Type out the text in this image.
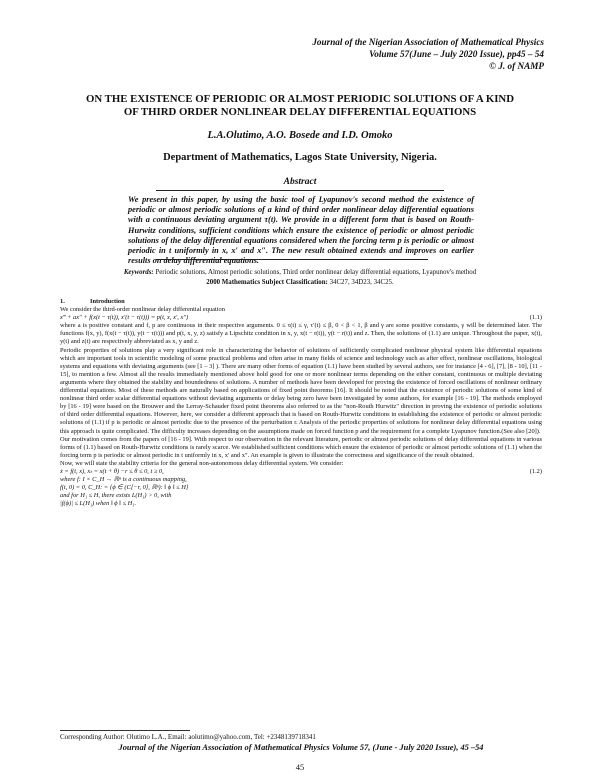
Journal of the Nigerian Association of Mathematical Physics
Volume 57(June – July 2020 Issue), pp45 – 54
© J. of NAMP
ON THE EXISTENCE OF PERIODIC OR ALMOST PERIODIC SOLUTIONS OF A KIND
OF THIRD ORDER NONLINEAR DELAY DIFFERENTIAL EQUATIONS
L.A.Olutimo, A.O. Bosede and I.D. Omoko
Department of Mathematics, Lagos State University, Nigeria.
Abstract
We present in this paper, by using the basic tool of Lyapunov's second method the existence of periodic or almost periodic solutions of a kind of third order nonlinear delay differential equations with a continuous deviating argument τ(t). We provide in a different form that is based on Routh-Hurwitz conditions, sufficient conditions which ensure the existence of periodic or almost periodic solutions of the delay differential equations considered when the forcing term p is periodic or almost periodic in t uniformly in x, x′ and x″. The new result obtained extends and improves on earlier results on delay differential equations.
Keywords: Periodic solutions, Almost periodic solutions, Third order nonlinear delay differential equations, Lyapunov's method
2000 Mathematics Subject Classification: 34C27, 34D23, 34C25.
1.	Introduction

We consider the third-order nonlinear delay differential equation

x‴ + ax″ + f(x(t − τ(t)), x′(t − τ(t))) = p(t, x, x′, x″)	(1.1)

where a is positive constant and f, p are continuous in their respective arguments. 0 ≤ τ(t) ≤ γ, τ′(t) ≤ β, 0 < β < 1, β and γ are some positive constants, γ will be determined later. The functions f(x, y), f(x(t − τ(t)), y(t − τ(t))) and p(t, x, y, z) satisfy a Lipschitz condition in x, y, x(t − r(t)), y(t − r(t)) and z. Then, the solutions of (1.1) are unique. Throughout the paper, x(t), y(t) and z(t) are respectively abbreviated as x, y and z.

Periodic properties of solutions play a very significant role in characterizing the behavior of solutions of sufficiently complicated nonlinear physical system like differential equations which are important tools in scientific modeling of some practical problems and often arise in many fields of science and technology such as after effect, nonlinear oscillations, biological systems and equations with deviating arguments (see [1 – 3] ). There are many other forms of equation (1.1) have been studied by several authors, see for instance [4 - 6], [7], [8 - 10], [11 - 15], to mention a few. Almost all the results immediately mentioned above hold good for one or more nonlinear terms depending on the either constant, continuous or multiple deviating arguments where they obtained the stability and boundedness of solutions. A number of methods have been developed for proving the existence of forced oscillations of nonlinear ordinary differential equations. Most of these methods are naturally based on applications of fixed point theorems [16]. It should be noted that the existence of periodic solutions of some kind of nonlinear third order scalar differential equations without deviating arguments or delay being zero have been investigated by some authors, for example [16 - 19]. The methods employed by [16 - 19] were based on the Brouwer and the Lerray-Schauder fixed point theorems also referred to as the "non-Routh Hurwitz" direction in proving the existence of periodic solutions of third order differential equations. However, here, we consider a different approach that is based on Routh-Hurwitz conditions in establishing the existence of periodic or almost periodic solutions of (1.1) if p is periodic or almost periodic due to the presence of the perturbation r. Analysis of the periodic properties of solutions for nonlinear delay differential equations using this approach is quite complicated. The difficulty increases depending on the assumptions made on forced function p and the requirement for a complete Lyapunov function.(See also [20]).

Our motivation comes from the papers of [16 - 19]. With respect to our observation in the relevant literature, periodic or almost periodic solutions of delay differential equations in various forms of (1.1) based on Routh-Hurwitz conditions is rarely scarce. We established sufficient conditions which ensure the existence of periodic or almost periodic solutions of (1.1) when the forcing term p is periodic or almost periodic in t uniformly in x, x′ and x″. An example is given to illustrate the correctness and significance of the result obtained.

Now, we will state the stability criteria for the general non-autonomous delay differential system. We consider:

ẋ = f(t, x), xₜ = x(t + θ) −r ≤ θ ≤ 0, t ≥ 0,	(1.2)

where f: I × C_H → ℝⁿ is a continuous mapping,

f(t, 0) = 0, C_H: = {ϕ ∈ (C[−r, 0], ℝⁿ): ‖ ϕ ‖ ≤ H}

and for H₁ ≤ H, there exists L(H₁) > 0, with

|f(ϕ)| ≤ L(H₁) when ‖ ϕ ‖ ≤ H₁.

Corresponding Author: Olutimo L.A., Email: aolutimo@yahoo.com, Tel: +2348139718341
Journal of the Nigerian Association of Mathematical Physics Volume 57, (June - July 2020 Issue), 45 –54
45
